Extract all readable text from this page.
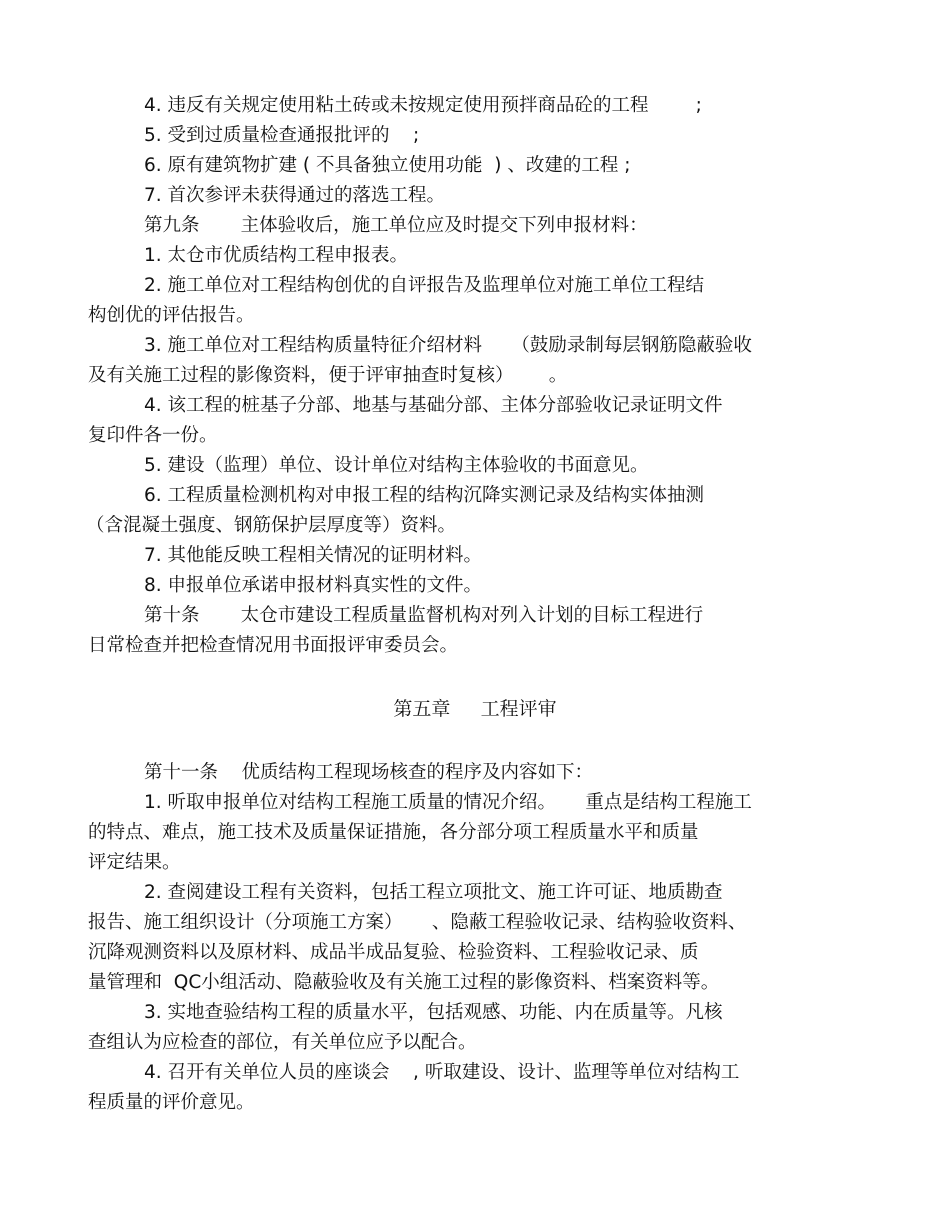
4. 违反有关规定使用粘土砖或未按规定使用预拌商品砼的工程        ;
5. 受到过质量检查通报批评的    ;
6. 原有建筑物扩建 ( 不具备独立使用功能  ) 、改建的工程 ;
7. 首次参评未获得通过的落选工程。
第九条       主体验收后，施工单位应及时提交下列申报材料：
1. 太仓市优质结构工程申报表。
2. 施工单位对工程结构创优的自评报告及监理单位对施工单位工程结
构创优的评估报告。
3. 施工单位对工程结构质量特征介绍材料     （鼓励录制每层钢筋隐蔽验收
及有关施工过程的影像资料，便于评审抽查时复核）      。
4. 该工程的桩基子分部、地基与基础分部、主体分部验收记录证明文件
复印件各一份。
5. 建设（监理）单位、设计单位对结构主体验收的书面意见。
6. 工程质量检测机构对申报工程的结构沉降实测记录及结构实体抽测
（含混凝土强度、钢筋保护层厚度等）资料。
7. 其他能反映工程相关情况的证明材料。
8. 申报单位承诺申报材料真实性的文件。
第十条       太仓市建设工程质量监督机构对列入计划的目标工程进行
日常检查并把检查情况用书面报评审委员会。
第五章     工程评审
第十一条    优质结构工程现场核查的程序及内容如下：
1. 听取申报单位对结构工程施工质量的情况介绍。     重点是结构工程施工
的特点、难点，施工技术及质量保证措施，各分部分项工程质量水平和质量
评定结果。
2. 查阅建设工程有关资料，包括工程立项批文、施工许可证、地质勘查
报告、施工组织设计（分项施工方案）     、隐蔽工程验收记录、结构验收资料、
沉降观测资料以及原材料、成品半成品复验、检验资料、工程验收记录、质
量管理和  QC小组活动、隐蔽验收及有关施工过程的影像资料、档案资料等。
3. 实地查验结构工程的质量水平，包括观感、功能、内在质量等。凡核
查组认为应检查的部位，有关单位应予以配合。
4. 召开有关单位人员的座谈会    , 听取建设、设计、监理等单位对结构工
程质量的评价意见。
